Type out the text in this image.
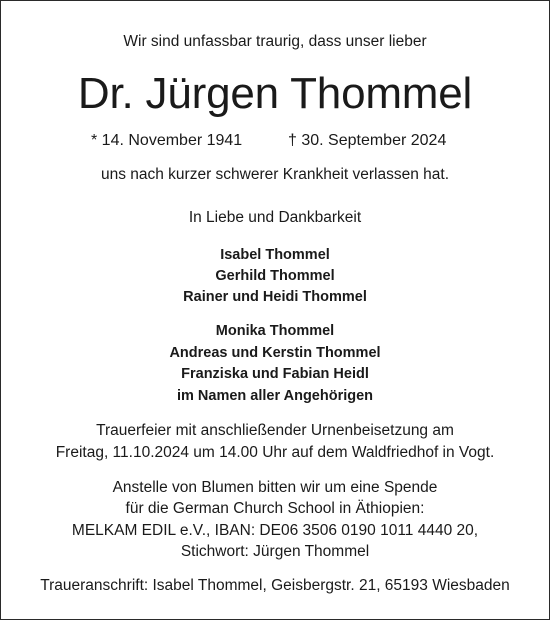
Wir sind unfassbar traurig, dass unser lieber
Dr. Jürgen Thommel
* 14. November 1941	† 30. September 2024
uns nach kurzer schwerer Krankheit verlassen hat.
In Liebe und Dankbarkeit
Isabel Thommel
Gerhild Thommel
Rainer und Heidi Thommel
Monika Thommel
Andreas und Kerstin Thommel
Franziska und Fabian Heidl
im Namen aller Angehörigen
Trauerfeier mit anschließender Urnenbeisetzung am
Freitag, 11.10.2024 um 14.00 Uhr auf dem Waldfriedhof in Vogt.
Anstelle von Blumen bitten wir um eine Spende
für die German Church School in Äthiopien:
MELKAM EDIL e.V., IBAN: DE06 3506 0190 1011 4440 20,
Stichwort: Jürgen Thommel
Traueranschrift: Isabel Thommel, Geisbergstr. 21, 65193 Wiesbaden
